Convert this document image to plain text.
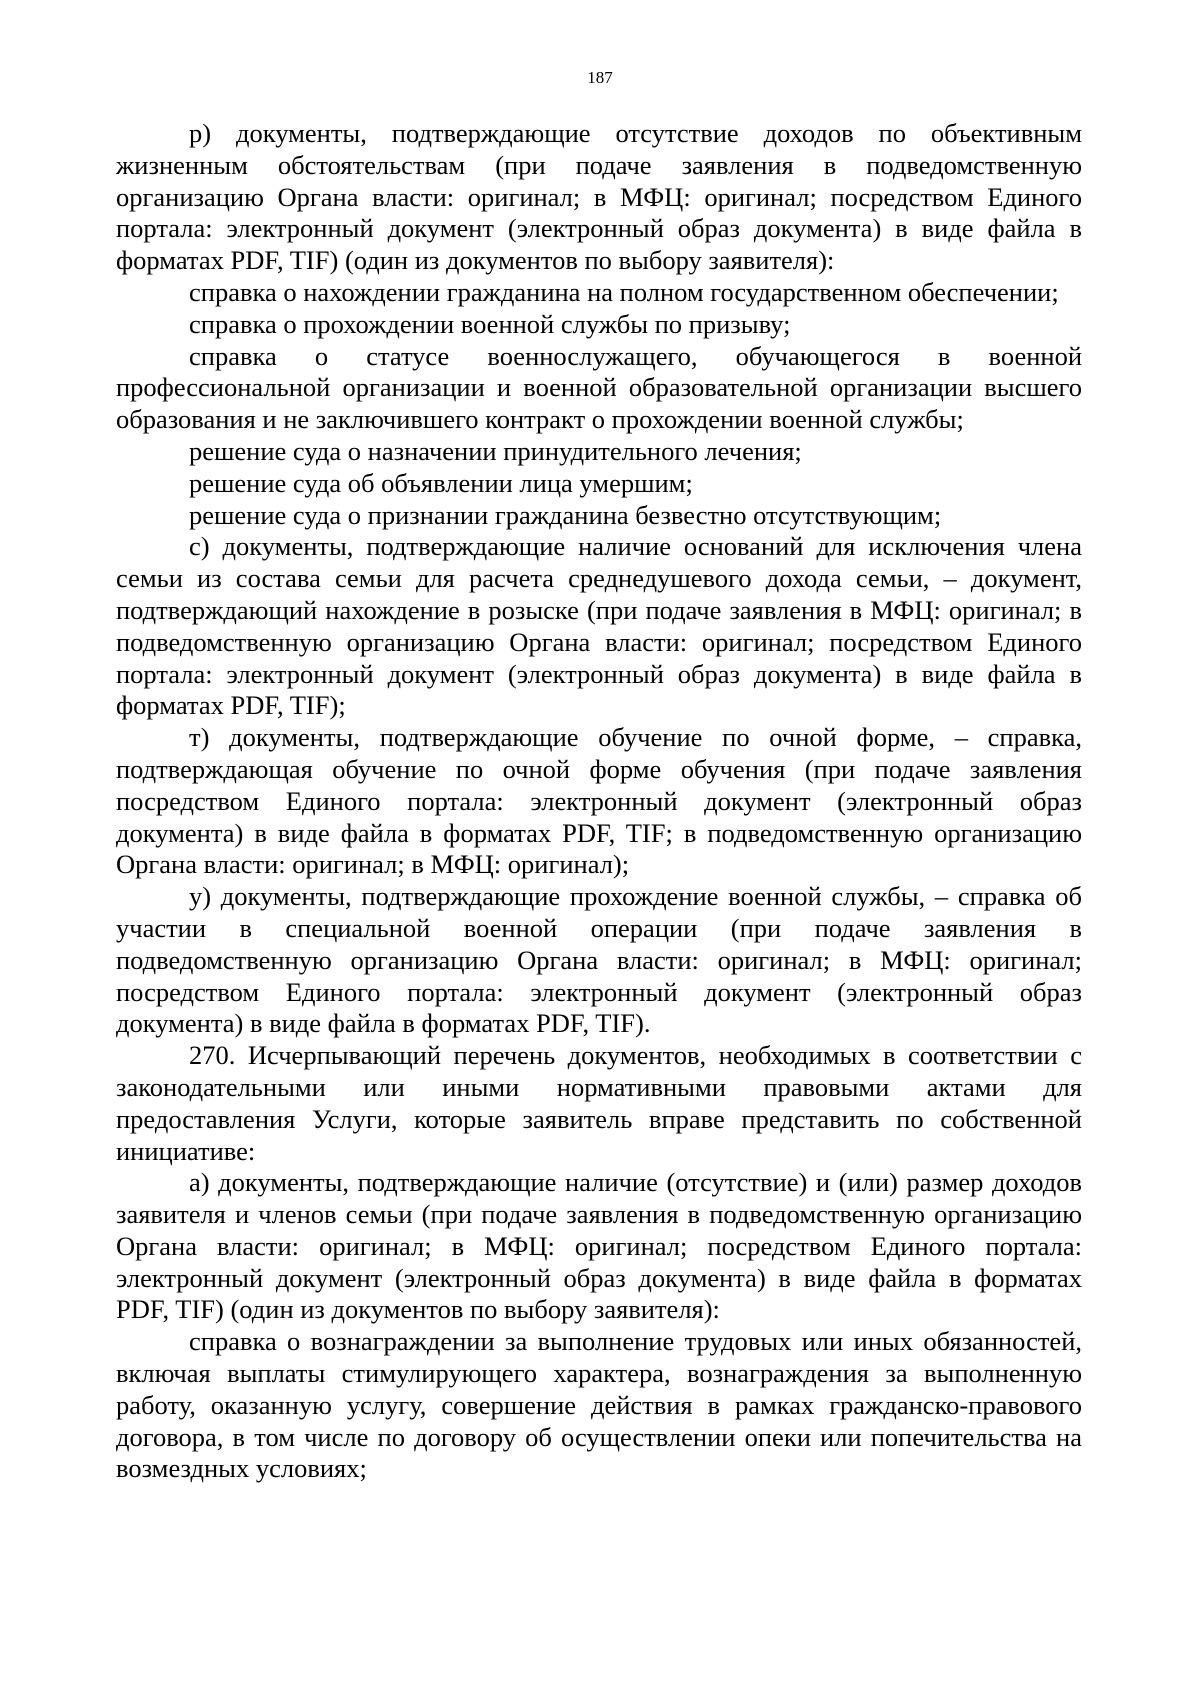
187

р) документы, подтверждающие отсутствие доходов по объективным жизненным обстоятельствам (при подаче заявления в подведомственную организацию Органа власти: оригинал; в МФЦ: оригинал; посредством Единого портала: электронный документ (электронный образ документа) в виде файла в форматах PDF, TIF) (один из документов по выбору заявителя):

справка о нахождении гражданина на полном государственном обеспечении;

справка о прохождении военной службы по призыву;

справка о статусе военнослужащего, обучающегося в военной профессиональной организации и военной образовательной организации высшего образования и не заключившего контракт о прохождении военной службы;

решение суда о назначении принудительного лечения;

решение суда об объявлении лица умершим;

решение суда о признании гражданина безвестно отсутствующим;

с) документы, подтверждающие наличие оснований для исключения члена семьи из состава семьи для расчета среднедушевого дохода семьи, – документ, подтверждающий нахождение в розыске (при подаче заявления в МФЦ: оригинал; в подведомственную организацию Органа власти: оригинал; посредством Единого портала: электронный документ (электронный образ документа) в виде файла в форматах PDF, TIF);

т) документы, подтверждающие обучение по очной форме, – справка, подтверждающая обучение по очной форме обучения (при подаче заявления посредством Единого портала: электронный документ (электронный образ документа) в виде файла в форматах PDF, TIF; в подведомственную организацию Органа власти: оригинал; в МФЦ: оригинал);

у) документы, подтверждающие прохождение военной службы, – справка об участии в специальной военной операции (при подаче заявления в подведомственную организацию Органа власти: оригинал; в МФЦ: оригинал; посредством Единого портала: электронный документ (электронный образ документа) в виде файла в форматах PDF, TIF).

270. Исчерпывающий перечень документов, необходимых в соответствии с законодательными или иными нормативными правовыми актами для предоставления Услуги, которые заявитель вправе представить по собственной инициативе:

а) документы, подтверждающие наличие (отсутствие) и (или) размер доходов заявителя и членов семьи (при подаче заявления в подведомственную организацию Органа власти: оригинал; в МФЦ: оригинал; посредством Единого портала: электронный документ (электронный образ документа) в виде файла в форматах PDF, TIF) (один из документов по выбору заявителя):

справка о вознаграждении за выполнение трудовых или иных обязанностей, включая выплаты стимулирующего характера, вознаграждения за выполненную работу, оказанную услугу, совершение действия в рамках гражданско-правового договора, в том числе по договору об осуществлении опеки или попечительства на возмездных условиях;
